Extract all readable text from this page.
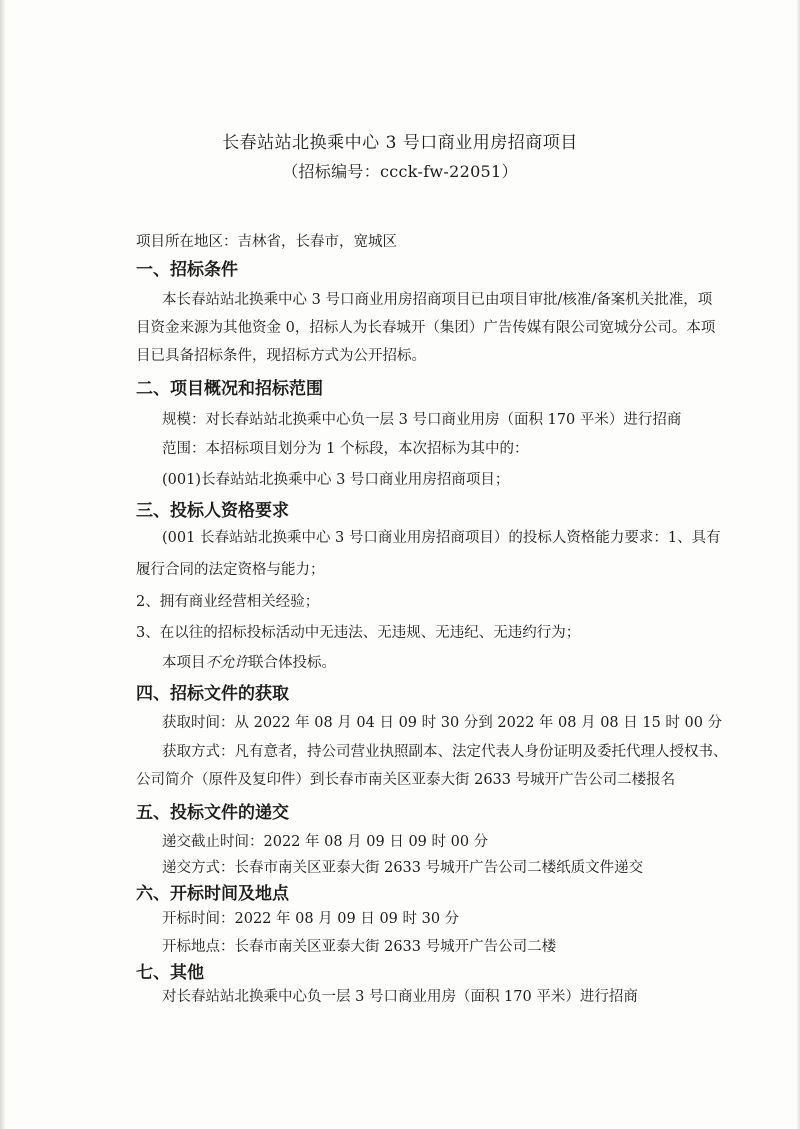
长春站站北换乘中心 3 号口商业用房招商项目
（招标编号：ccck-fw-22051）
项目所在地区：吉林省，长春市，宽城区
一、招标条件
本长春站站北换乘中心 3 号口商业用房招商项目已由项目审批/核准/备案机关批准，项
目资金来源为其他资金 0，招标人为长春城开（集团）广告传媒有限公司宽城分公司。本项
目已具备招标条件，现招标方式为公开招标。
二、项目概况和招标范围
规模：对长春站站北换乘中心负一层 3 号口商业用房（面积 170 平米）进行招商
范围：本招标项目划分为 1 个标段，本次招标为其中的：
(001)长春站站北换乘中心 3 号口商业用房招商项目；
三、投标人资格要求
(001 长春站站北换乘中心 3 号口商业用房招商项目）的投标人资格能力要求：1、具有
履行合同的法定资格与能力；
2、拥有商业经营相关经验；
3、在以往的招标投标活动中无违法、无违规、无违纪、无违约行为；
本项目不允许联合体投标。
四、招标文件的获取
获取时间：从 2022 年 08 月 04 日 09 时 30 分到 2022 年 08 月 08 日 15 时 00 分
获取方式：凡有意者，持公司营业执照副本、法定代表人身份证明及委托代理人授权书、
公司简介（原件及复印件）到长春市南关区亚泰大街 2633 号城开广告公司二楼报名
五、投标文件的递交
递交截止时间：2022 年 08 月 09 日 09 时 00 分
递交方式：长春市南关区亚泰大街 2633 号城开广告公司二楼纸质文件递交
六、开标时间及地点
开标时间：2022 年 08 月 09 日 09 时 30 分
开标地点：长春市南关区亚泰大街 2633 号城开广告公司二楼
七、其他
对长春站站北换乘中心负一层 3 号口商业用房（面积 170 平米）进行招商
